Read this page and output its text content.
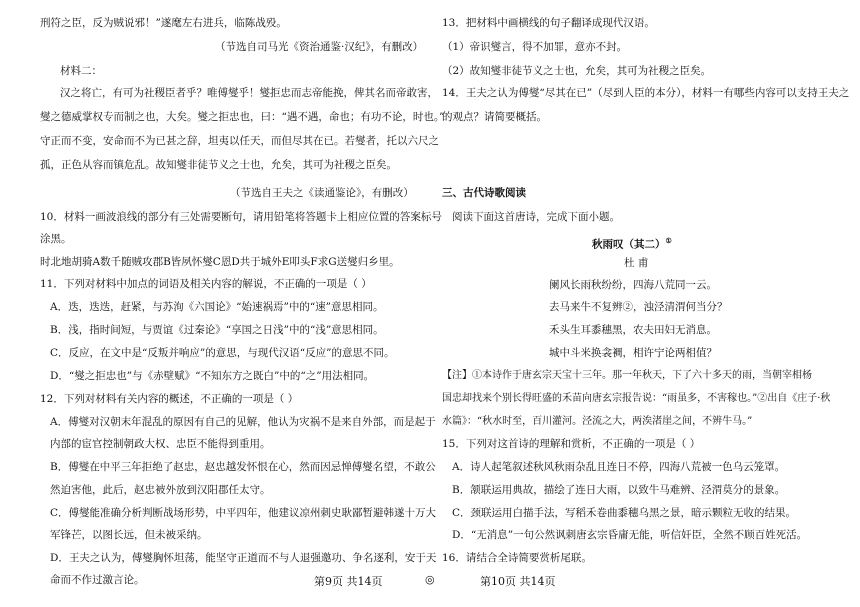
刑符之臣，反为贼说邪！”遂麾左右进兵，临陈战殁。
（节选自司马光《资治通鉴·汉纪》，有删改）
材料二：
汉之将亡，有可为社稷臣者乎？唯傅燮乎！燮拒忠而志帝能挽，俾其名而帝敢害，
燮之德威掌权专而制之也，大矣。燮之拒忠也，曰：“遇不遇，命也；有功不论，时也。”
守正而不变，安命而不为已甚之辞，坦夷以任天，而但尽其在已。若燮者，托以六尺之
孤，正色从容而镇危乱。故知燮非徒节义之士也，允矣，其可为社稷之臣矣。
（节选自王夫之《读通鉴论》，有删改）
10．材料一画波浪线的部分有三处需要断句，请用铅笔将答题卡上相应位置的答案标号
涂黑。
时北地胡骑A数千随贼攻郡B皆夙怀燮C恩D共于城外E叩头F求G送燮归乡里。
11．下列对材料中加点的词语及相关内容的解说，不正确的一项是（ ）
A．迭，迭迭，赶紧，与苏洵《六国论》“始速祸焉”中的“速”意思相同。
B．浅，指时间短，与贾谊《过秦论》“享国之日浅”中的“浅”意思相同。
C．反应，在文中是“反叛并响应”的意思，与现代汉语“反应”的意思不同。
D．“燮之拒忠也”与《赤壁赋》“不知东方之既白”中的“之”用法相同。
12．下列对材料有关内容的概述，不正确的一项是（ ）
A．傅燮对汉朝末年混乱的原因有自己的见解，他认为灾祸不是来自外部，而是起于
内部的宦官控制朝政大权、忠臣不能得到重用。
B．傅燮在中平三年拒绝了赵忠，赵忠越发怀恨在心，然而因忌惮傅燮名望，不敢公
然迫害他，此后，赵忠被外放到汉阳郡任太守。
C．傅燮能准确分析判断战场形势，中平四年，他建议凉州刺史耿鄙暂避韩遂十万大
军锋芒，以图长远，但未被采纳。
D．王夫之认为，傅燮胸怀坦荡，能坚守正道而不与人退强邀功、争名逐利，安于天
命而不作过激言论。
13．把材料中画横线的句子翻译成现代汉语。
（1）帝识燮言，得不加罪，意亦不封。
（2）故知燮非徒节义之士也，允矣，其可为社稷之臣矣。
14．王夫之认为傅燮“尽其在已”（尽到人臣的本分），材料一有哪些内容可以支持王夫之
的观点？请简要概括。
三、古代诗歌阅读
阅读下面这首唐诗，完成下面小题。
秋雨叹（其二）①
杜 甫
阑风长雨秋纷纷，四海八荒同一云。
去马来牛不复辨②，浊泾清渭何当分？
禾头生耳黍穗黑，农夫田妇无消息。
城中斗米换衾裯，相许宁论两相值？
【注】①本诗作于唐玄宗天宝十三年。那一年秋天，下了六十多天的雨，当朝宰相杨
国忠却找来个别长得旺盛的禾苗向唐玄宗报告说：“雨虽多，不害稼也。”②出自《庄子·秋
水篇》：“秋水时至，百川灌河。泾流之大，两涘渚崖之间，不辨牛马。”
15．下列对这首诗的理解和赏析，不正确的一项是（ ）
A．诗人起笔叙述秋风秋雨杂乱且连日不停，四海八荒被一色乌云笼罩。
B．颔联运用典故，描绘了连日大雨，以致牛马难辨、泾渭莫分的景象。
C．颈联运用白描手法，写稻禾卷曲黍穗乌黑之景，暗示颗粒无收的结果。
D．“无消息”一句公然讽刺唐玄宗昏庸无能，听信奸臣，全然不顾百姓死活。
16．请结合全诗简要赏析尾联。
第9页 共14页	◎	第10页 共14页
